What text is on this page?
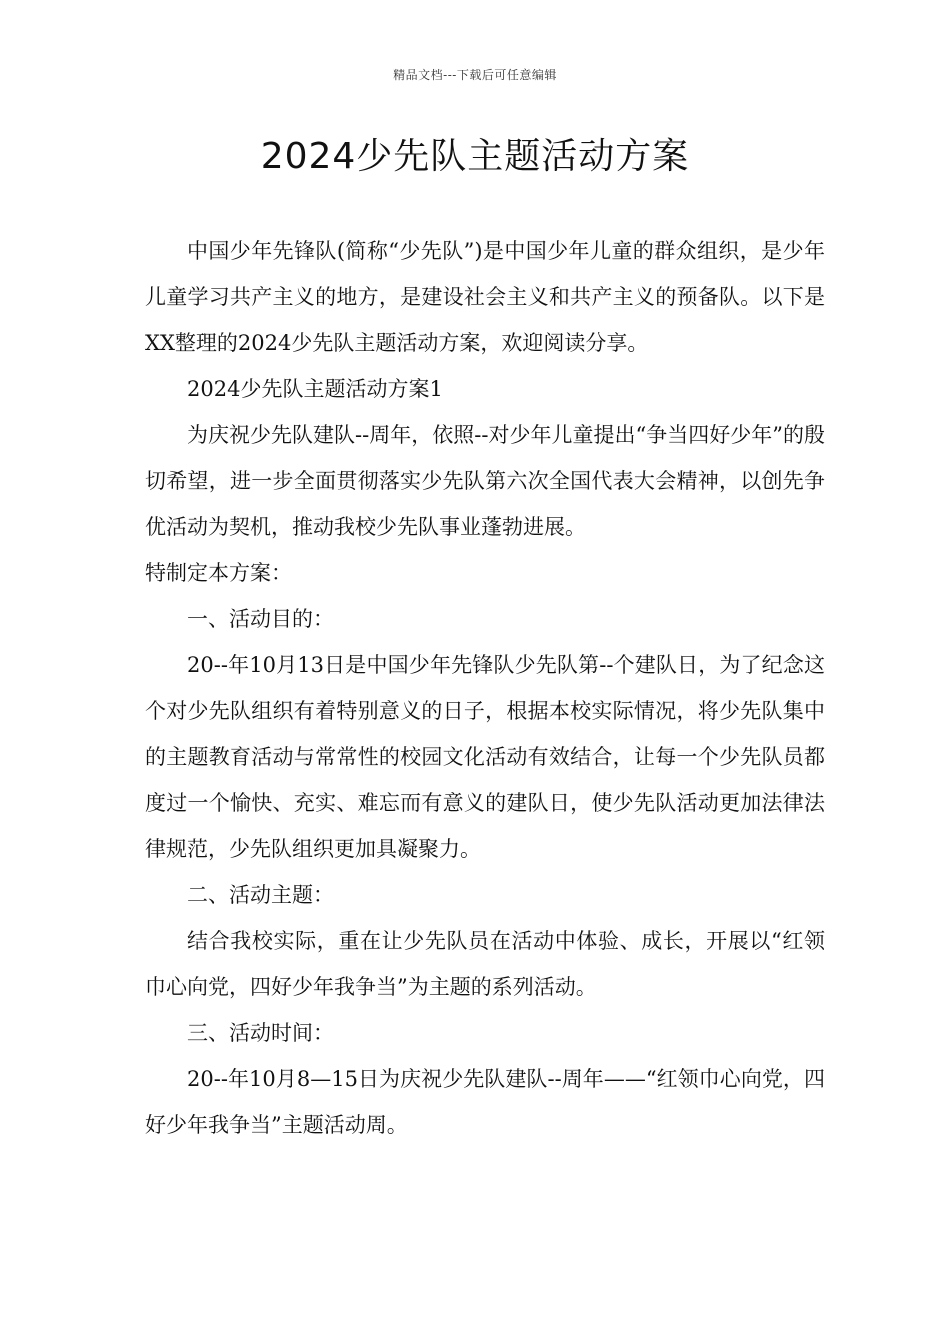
精品文档---下载后可任意编辑
2024少先队主题活动方案

中国少年先锋队(简称“少先队”)是中国少年儿童的群众组织，是少年儿童学习共产主义的地方，是建设社会主义和共产主义的预备队。以下是XX整理的2024少先队主题活动方案，欢迎阅读分享。

2024少先队主题活动方案1

为庆祝少先队建队--周年，依照--对少年儿童提出“争当四好少年”的殷切希望，进一步全面贯彻落实少先队第六次全国代表大会精神，以创先争优活动为契机，推动我校少先队事业蓬勃进展。

特制定本方案：

一、活动目的：

20--年10月13日是中国少年先锋队少先队第--个建队日，为了纪念这个对少先队组织有着特别意义的日子，根据本校实际情况，将少先队集中的主题教育活动与常常性的校园文化活动有效结合，让每一个少先队员都度过一个愉快、充实、难忘而有意义的建队日，使少先队活动更加法律法律规范，少先队组织更加具凝聚力。

二、活动主题：

结合我校实际，重在让少先队员在活动中体验、成长，开展以“红领巾心向党，四好少年我争当”为主题的系列活动。

三、活动时间：

20--年10月8—15日为庆祝少先队建队--周年——“红领巾心向党，四好少年我争当”主题活动周。
